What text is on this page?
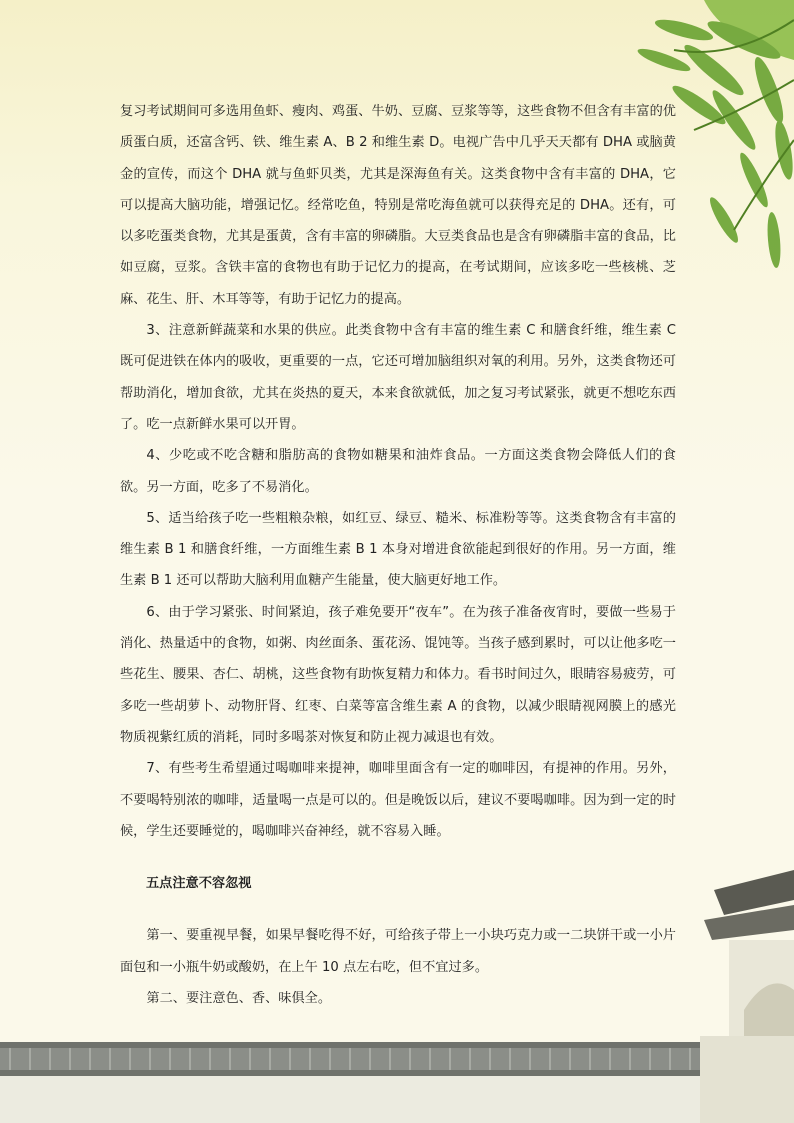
复习考试期间可多选用鱼虾、瘦肉、鸡蛋、牛奶、豆腐、豆浆等等，这些食物不但含有丰富的优质蛋白质，还富含钙、铁、维生素 A、B 2 和维生素 D。电视广告中几乎天天都有 DHA 或脑黄金的宣传，而这个 DHA 就与鱼虾贝类，尤其是深海鱼有关。这类食物中含有丰富的 DHA，它可以提高大脑功能，增强记忆。经常吃鱼，特别是常吃海鱼就可以获得充足的 DHA。还有，可以多吃蛋类食物，尤其是蛋黄，含有丰富的卵磷脂。大豆类食品也是含有卵磷脂丰富的食品，比如豆腐，豆浆。含铁丰富的食物也有助于记忆力的提高，在考试期间，应该多吃一些核桃、芝麻、花生、肝、木耳等等，有助于记忆力的提高。

3、注意新鲜蔬菜和水果的供应。此类食物中含有丰富的维生素 C 和膳食纤维，维生素 C 既可促进铁在体内的吸收，更重要的一点，它还可增加脑组织对氧的利用。另外，这类食物还可帮助消化，增加食欲，尤其在炎热的夏天，本来食欲就低，加之复习考试紧张，就更不想吃东西了。吃一点新鲜水果可以开胃。

4、少吃或不吃含糖和脂肪高的食物如糖果和油炸食品。一方面这类食物会降低人们的食欲。另一方面，吃多了不易消化。

5、适当给孩子吃一些粗粮杂粮，如红豆、绿豆、糙米、标准粉等等。这类食物含有丰富的维生素 B 1 和膳食纤维，一方面维生素 B 1 本身对增进食欲能起到很好的作用。另一方面，维生素 B 1 还可以帮助大脑利用血糖产生能量，使大脑更好地工作。

6、由于学习紧张、时间紧迫，孩子难免要开“夜车”。在为孩子准备夜宵时，要做一些易于消化、热量适中的食物，如粥、肉丝面条、蛋花汤、馄饨等。当孩子感到累时，可以让他多吃一些花生、腰果、杏仁、胡桃，这些食物有助恢复精力和体力。看书时间过久，眼睛容易疲劳，可多吃一些胡萝卜、动物肝肾、红枣、白菜等富含维生素 A 的食物，以减少眼睛视网膜上的感光物质视紫红质的消耗，同时多喝茶对恢复和防止视力减退也有效。

7、有些考生希望通过喝咖啡来提神，咖啡里面含有一定的咖啡因，有提神的作用。另外，不要喝特别浓的咖啡，适量喝一点是可以的。但是晚饭以后，建议不要喝咖啡。因为到一定的时候，学生还要睡觉的，喝咖啡兴奋神经，就不容易入睡。

五点注意不容忽视

第一、要重视早餐，如果早餐吃得不好，可给孩子带上一小块巧克力或一二块饼干或一小片面包和一小瓶牛奶或酸奶，在上午 10 点左右吃，但不宜过多。

第二、要注意色、香、味俱全。
